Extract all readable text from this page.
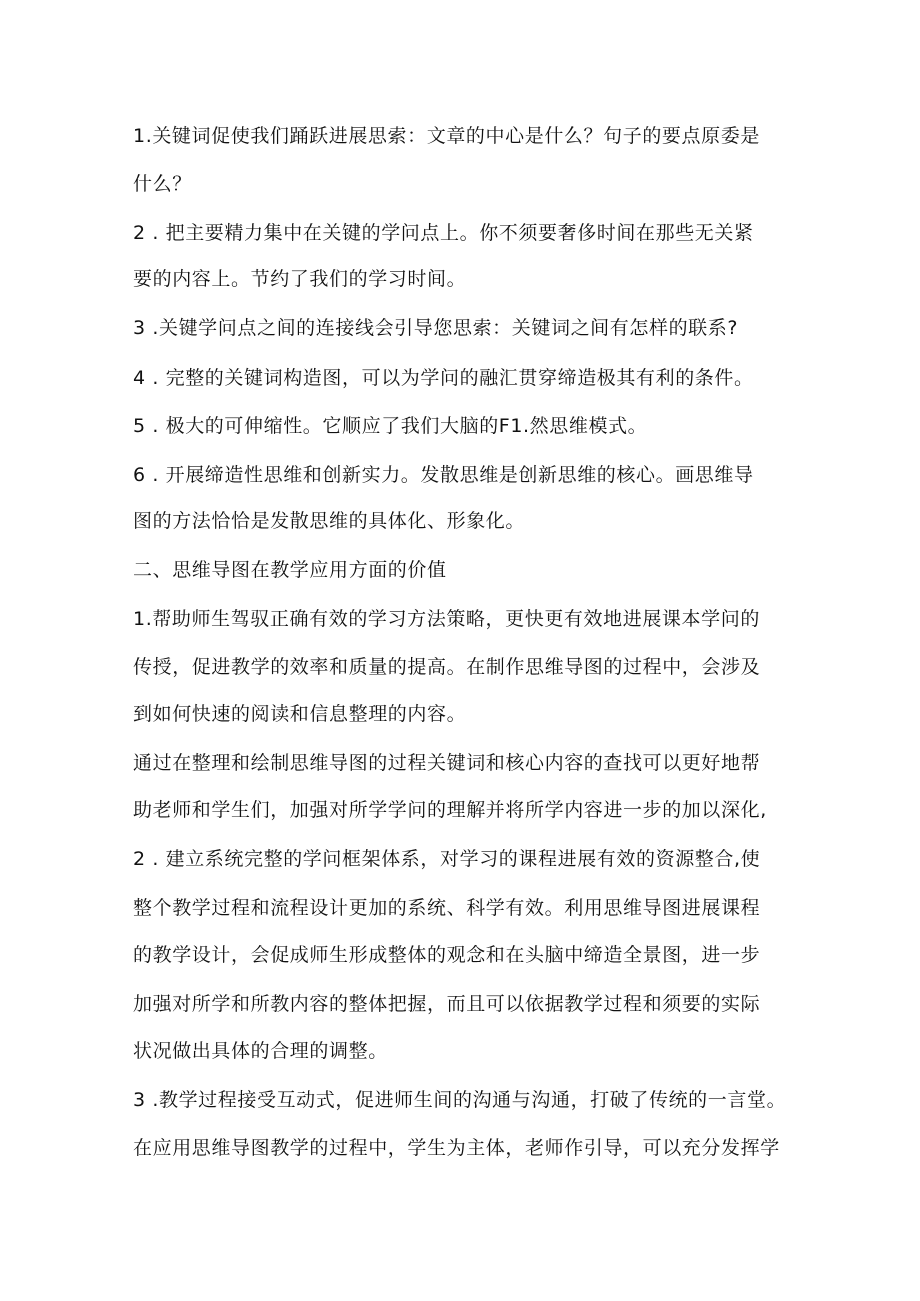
1.关键词促使我们踊跃进展思索：文章的中心是什么？句子的要点原委是
什么？
2 . 把主要精力集中在关键的学问点上。你不须要奢侈时间在那些无关紧
要的内容上。节约了我们的学习时间。
3 .关键学问点之间的连接线会引导您思索：关键词之间有怎样的联系?
4 . 完整的关键词构造图，可以为学问的融汇贯穿缔造极其有利的条件。
5 . 极大的可伸缩性。它顺应了我们大脑的F1.然思维模式。
6 . 开展缔造性思维和创新实力。发散思维是创新思维的核心。画思维导
图的方法恰恰是发散思维的具体化、形象化。
二、思维导图在教学应用方面的价值
1.帮助师生驾驭正确有效的学习方法策略，更快更有效地进展课本学问的
传授，促进教学的效率和质量的提高。在制作思维导图的过程中，会涉及
到如何快速的阅读和信息整理的内容。
通过在整理和绘制思维导图的过程关键词和核心内容的查找可以更好地帮
助老师和学生们，加强对所学学问的理解并将所学内容进一步的加以深化,
2 . 建立系统完整的学问框架体系，对学习的课程进展有效的资源整合,使
整个教学过程和流程设计更加的系统、科学有效。利用思维导图进展课程
的教学设计，会促成师生形成整体的观念和在头脑中缔造全景图，进一步
加强对所学和所教内容的整体把握，而且可以依据教学过程和须要的实际
状况做出具体的合理的调整。
3 .教学过程接受互动式，促进师生间的沟通与沟通，打破了传统的一言堂。
在应用思维导图教学的过程中，学生为主体，老师作引导，可以充分发挥学
